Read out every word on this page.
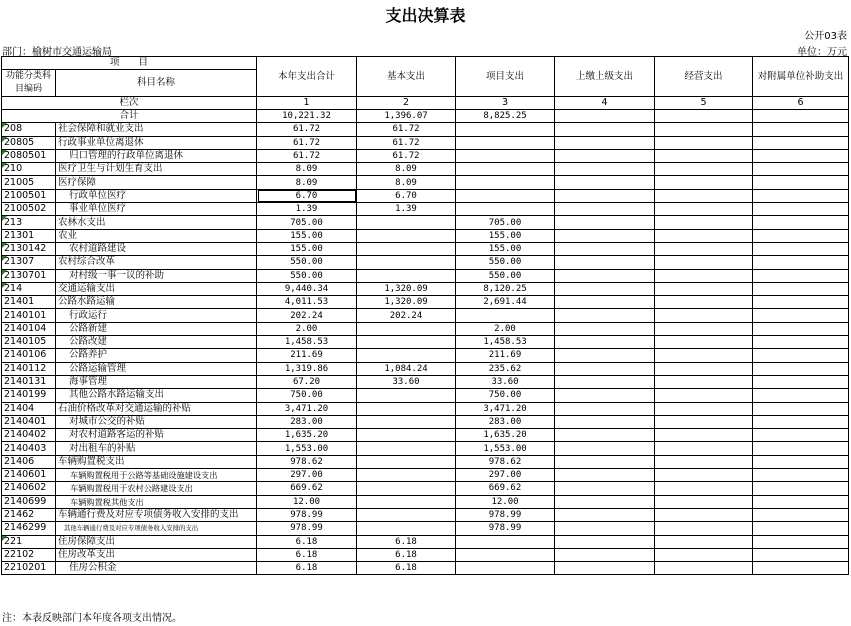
支出决算表
公开03表
部门：榆树市交通运输局	单位：万元
项　　目		本年支出合计	基本支出	项目支出	上缴上级支出	经营支出	对附属单位补助支出
功能分类科目编码	科目名称						
栏次		1	2	3	4	5	6
合计		10,221.32	1,396.07	8,825.25			
208	社会保障和就业支出	61.72	61.72				
20805	行政事业单位离退休	61.72	61.72				
2080501	归口管理的行政单位离退休	61.72	61.72				
210	医疗卫生与计划生育支出	8.09	8.09				
21005	医疗保障	8.09	8.09				
2100501	行政单位医疗	6.70	6.70				
2100502	事业单位医疗	1.39	1.39				
213	农林水支出	705.00		705.00			
21301	农业	155.00		155.00			
2130142	农村道路建设	155.00		155.00			
21307	农村综合改革	550.00		550.00			
2130701	对村级一事一议的补助	550.00		550.00			
214	交通运输支出	9,440.34	1,320.09	8,120.25			
21401	公路水路运输	4,011.53	1,320.09	2,691.44			
2140101	行政运行	202.24	202.24				
2140104	公路新建	2.00		2.00			
2140105	公路改建	1,458.53		1,458.53			
2140106	公路养护	211.69		211.69			
2140112	公路运输管理	1,319.86	1,084.24	235.62			
2140131	海事管理	67.20	33.60	33.60			
2140199	其他公路水路运输支出	750.00		750.00			
21404	石油价格改革对交通运输的补贴	3,471.20		3,471.20			
2140401	对城市公交的补贴	283.00		283.00			
2140402	对农村道路客运的补贴	1,635.20		1,635.20			
2140403	对出租车的补贴	1,553.00		1,553.00			
21406	车辆购置税支出	978.62		978.62			
2140601	车辆购置税用于公路等基础设施建设支出	297.00		297.00			
2140602	车辆购置税用于农村公路建设支出	669.62		669.62			
2140699	车辆购置税其他支出	12.00		12.00			
21462	车辆通行费及对应专项债务收入安排的支出	978.99		978.99			
2146299	其他车辆通行费及对应专项债务收入安排的支出	978.99		978.99			
221	住房保障支出	6.18	6.18				
22102	住房改革支出	6.18	6.18				
2210201	住房公积金	6.18	6.18				
注：本表反映部门本年度各项支出情况。
